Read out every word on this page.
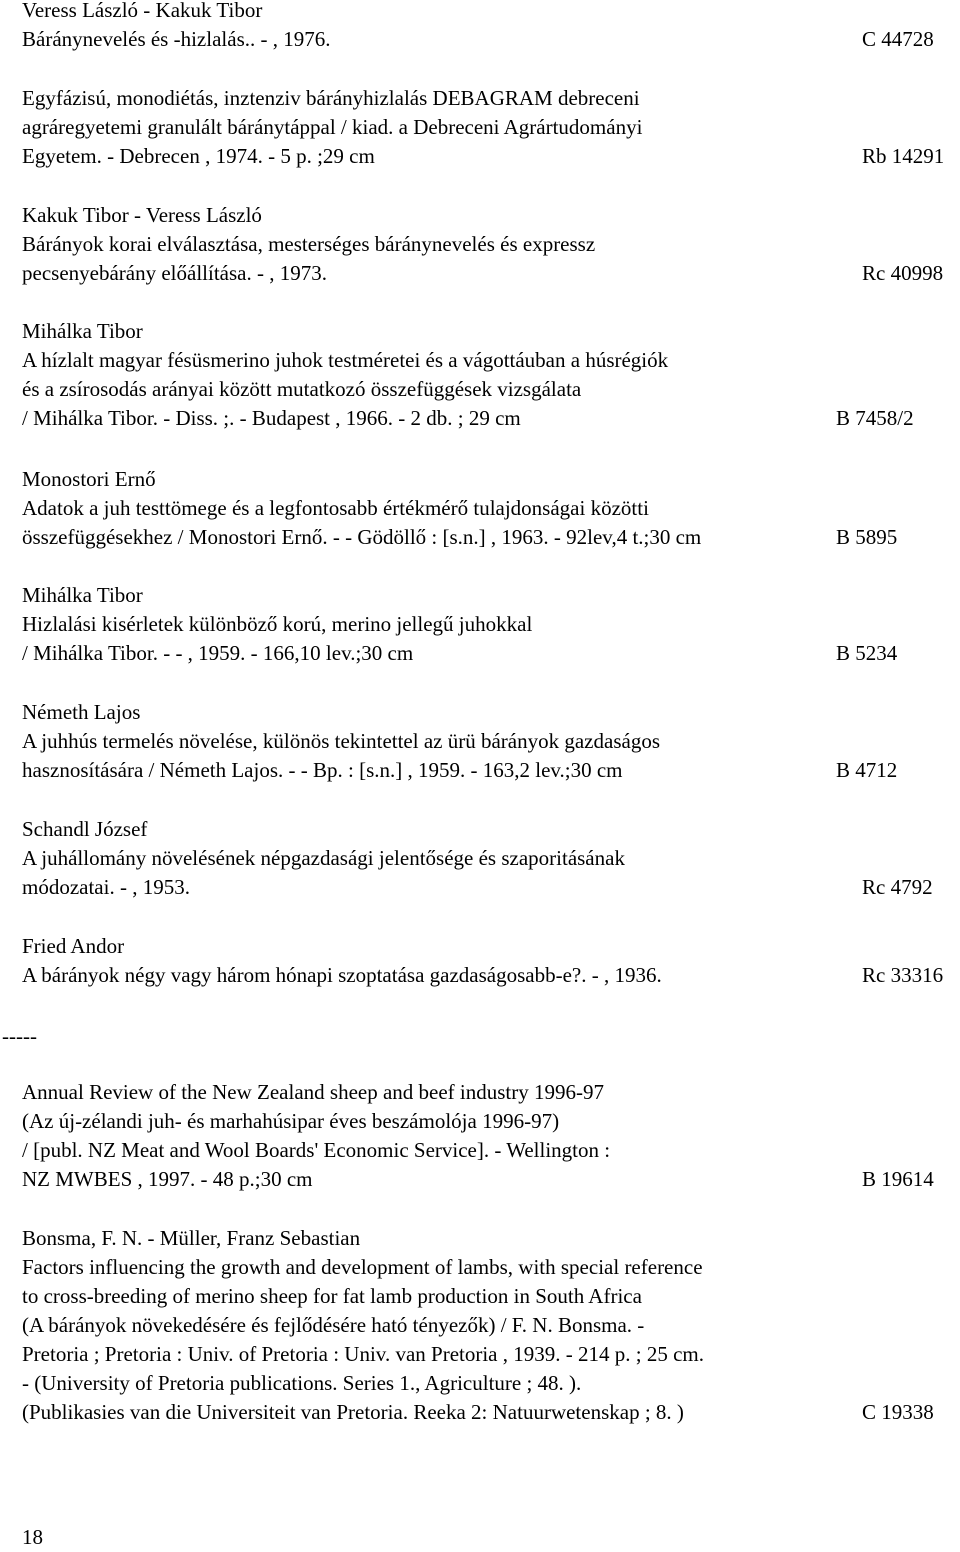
Veress László - Kakuk Tibor
Báránynevelés és -hizlalás.. - , 1976.	C 44728
Egyfázisú, monodiétás, inztenziv bárányhizlalás DEBAGRAM debreceni
agráregyetemi granulált báránytáppal / kiad. a Debreceni Agrártudományi
Egyetem. - Debrecen , 1974. - 5 p. ;29 cm	Rb 14291
Kakuk Tibor - Veress László
Bárányok korai elválasztása, mesterséges báránynevelés és expressz
pecsenyebárány előállítása. - , 1973.	Rc 40998
Mihálka Tibor
A hízlalt magyar fésüsmerino juhok testméretei és a vágottáuban a húsrégiók
és a zsírosodás arányai között mutatkozó összefüggések vizsgálata
/ Mihálka Tibor. - Diss. ;. - Budapest , 1966. - 2 db. ; 29 cm	B 7458/2
Monostori Ernő
Adatok a juh testtömege és a legfontosabb értékmérő tulajdonságai közötti
összefüggésekhez / Monostori Ernő. - - Gödöllő : [s.n.] , 1963. - 92lev,4 t.;30 cm	B 5895
Mihálka Tibor
Hizlalási kisérletek különböző korú, merino jellegű juhokkal
/ Mihálka Tibor. - - , 1959. - 166,10 lev.;30 cm	B 5234
Németh Lajos
A juhhús termelés növelése, különös tekintettel az ürü bárányok gazdaságos
hasznosítására / Németh Lajos. - - Bp. : [s.n.] , 1959. - 163,2 lev.;30 cm	B 4712
Schandl József
A juhállomány növelésének népgazdasági jelentősége és szaporitásának
módozatai. - , 1953.	Rc 4792
Fried Andor
A bárányok négy vagy három hónapi szoptatása gazdaságosabb-e?. - , 1936.	Rc 33316
-----
Annual Review of the New Zealand sheep and beef industry 1996-97
(Az új-zélandi juh- és marhahúsipar éves beszámolója 1996-97)
/ [publ. NZ Meat and Wool Boards' Economic Service]. - Wellington :
NZ MWBES , 1997. - 48 p.;30 cm	B 19614
Bonsma, F. N. - Müller, Franz Sebastian
Factors influencing the growth and development of lambs, with special reference
to cross-breeding of merino sheep for fat lamb production in South Africa
(A bárányok növekedésére és fejlődésére ható tényezők) / F. N. Bonsma. -
Pretoria ; Pretoria : Univ. of Pretoria : Univ. van Pretoria , 1939. - 214 p. ; 25 cm.
- (University of Pretoria publications. Series 1., Agriculture ; 48. ).
(Publikasies van die Universiteit van Pretoria. Reeka 2: Natuurwetenskap ; 8. )	C 19338
18
